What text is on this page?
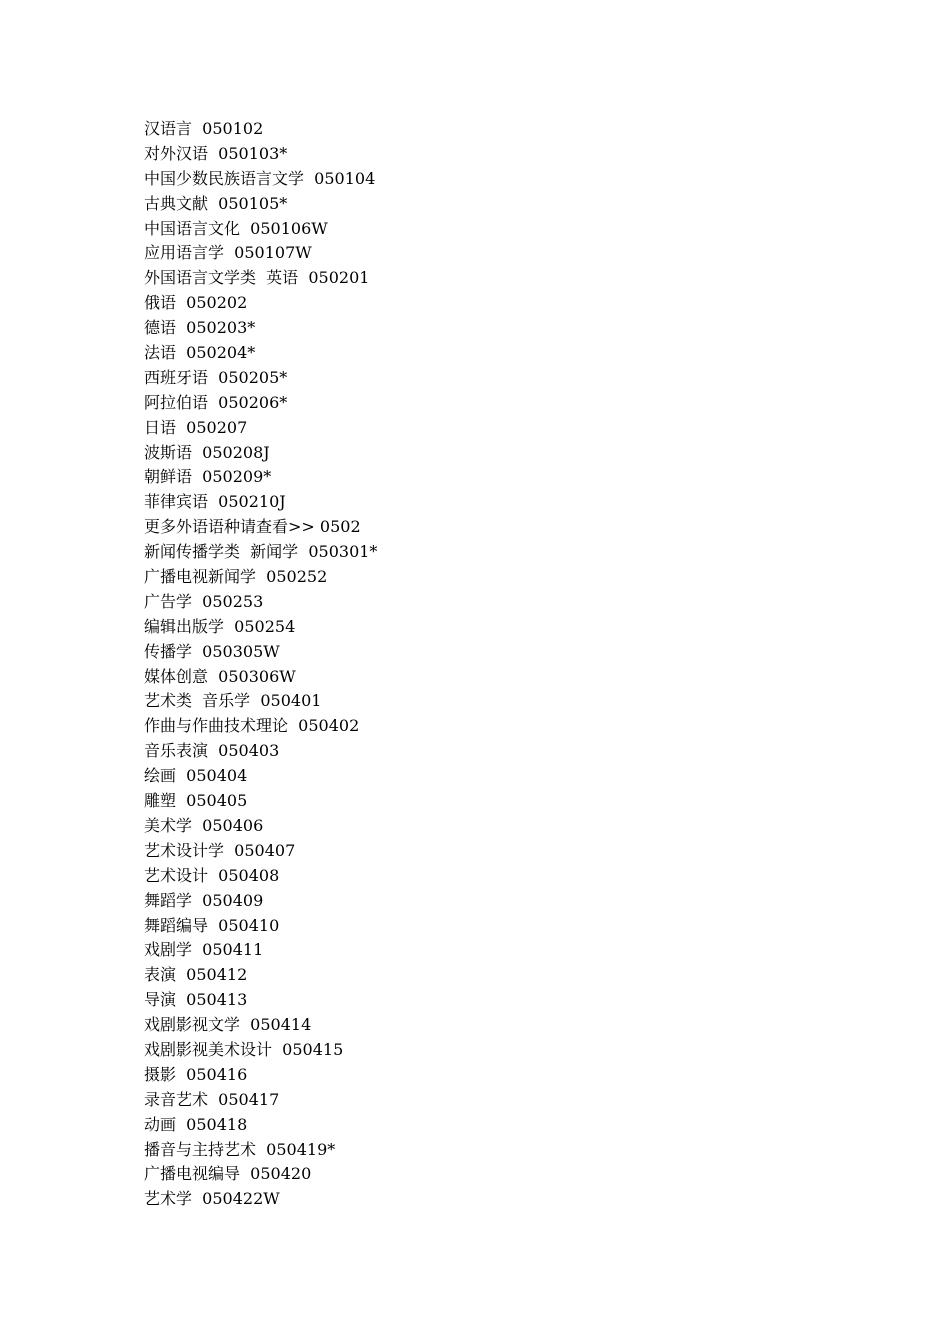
汉语言  050102
对外汉语  050103*
中国少数民族语言文学  050104
古典文献  050105*
中国语言文化  050106W
应用语言学  050107W
外国语言文学类  英语  050201
俄语  050202
德语  050203*
法语  050204*
西班牙语  050205*
阿拉伯语  050206*
日语  050207
波斯语  050208J
朝鲜语  050209*
菲律宾语  050210J
更多外语语种请查看>> 0502
新闻传播学类  新闻学  050301*
广播电视新闻学  050252
广告学  050253
编辑出版学  050254
传播学  050305W
媒体创意  050306W
艺术类  音乐学  050401
作曲与作曲技术理论  050402
音乐表演  050403
绘画  050404
雕塑  050405
美术学  050406
艺术设计学  050407
艺术设计  050408
舞蹈学  050409
舞蹈编导  050410
戏剧学  050411
表演  050412
导演  050413
戏剧影视文学  050414
戏剧影视美术设计  050415
摄影  050416
录音艺术  050417
动画  050418
播音与主持艺术  050419*
广播电视编导  050420
艺术学  050422W
